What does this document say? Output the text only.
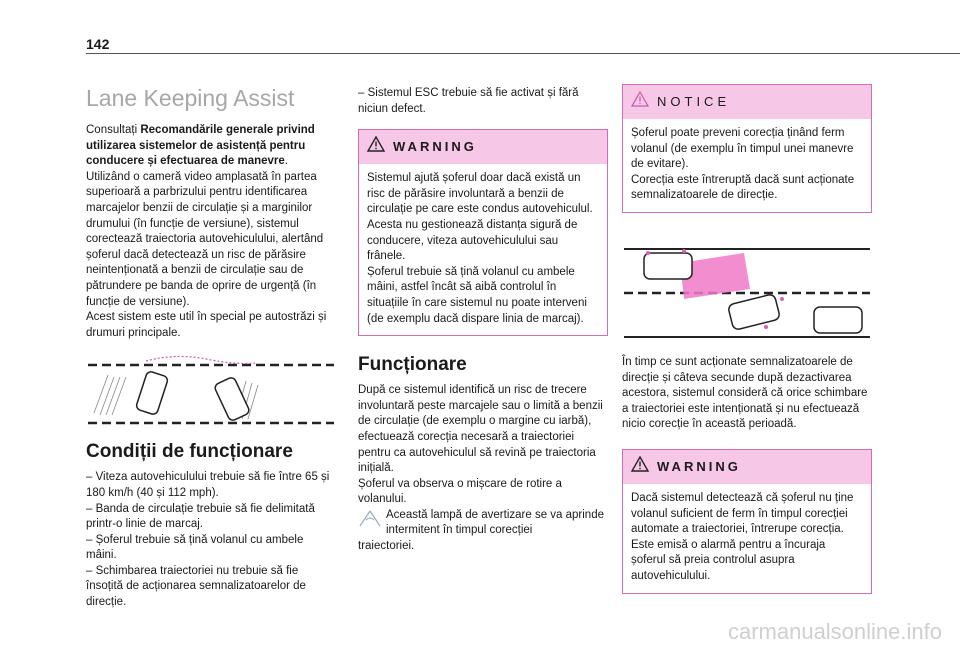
142
Lane Keeping Assist

Consultați Recomandările generale privind utilizarea sistemelor de asistență pentru conducere și efectuarea de manevre.

Utilizând o cameră video amplasată în partea superioară a parbrizului pentru identificarea marcajelor benzii de circulație și a marginilor drumului (în funcție de versiune), sistemul corectează traiectoria autovehiculului, alertând șoferul dacă detectează un risc de părăsire neintenționată a benzii de circulație sau de pătrundere pe banda de oprire de urgență (în funcție de versiune).

Acest sistem este util în special pe autostrăzi și drumuri principale.

Condiții de funcționare

– Viteza autovehiculului trebuie să fie între 65 și 180 km/h (40 și 112 mph).

– Banda de circulație trebuie să fie delimitată printr-o linie de marcaj.

– Șoferul trebuie să țină volanul cu ambele mâini.

– Schimbarea traiectoriei nu trebuie să fie însoțită de acționarea semnalizatoarelor de direcție.

– Sistemul ESC trebuie să fie activat și fără niciun defect.

WARNING

Sistemul ajută șoferul doar dacă există un risc de părăsire involuntară a benzii de circulație pe care este condus autovehiculul. Acesta nu gestionează distanța sigură de conducere, viteza autovehiculului sau frânele.

Șoferul trebuie să țină volanul cu ambele mâini, astfel încât să aibă controlul în situațiile în care sistemul nu poate interveni (de exemplu dacă dispare linia de marcaj).

Funcționare

După ce sistemul identifică un risc de trecere involuntară peste marcajele sau o limită a benzii de circulație (de exemplu o margine cu iarbă), efectuează corecția necesară a traiectoriei pentru ca autovehiculul să revină pe traiectoria inițială.

Șoferul va observa o mișcare de rotire a volanului.

Această lampă de avertizare se va aprinde intermitent în timpul corecției

traiectoriei.

NOTICE

Șoferul poate preveni corecția ținând ferm volanul (de exemplu în timpul unei manevre de evitare).

Corecția este întreruptă dacă sunt acționate semnalizatoarele de direcție.

În timp ce sunt acționate semnalizatoarele de direcție și câteva secunde după dezactivarea acestora, sistemul consideră că orice schimbare a traiectoriei este intenționată și nu efectuează nicio corecție în această perioadă.

WARNING

Dacă sistemul detectează că șoferul nu ține volanul suficient de ferm în timpul corecției automate a traiectoriei, întrerupe corecția. Este emisă o alarmă pentru a încuraja șoferul să preia controlul asupra autovehiculului.

carmanualsonline.info
